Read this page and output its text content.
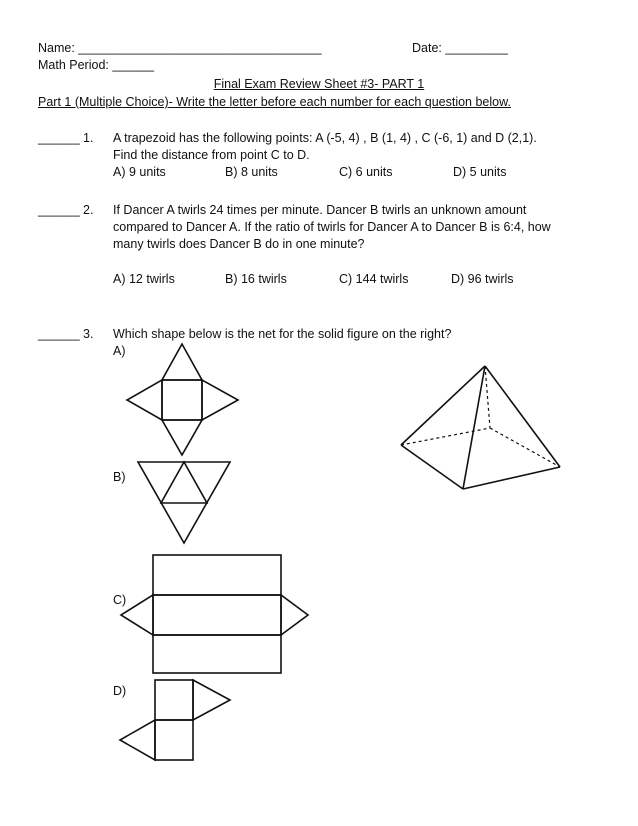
Name: ___________________________________	Date: _________
Math Period: ______
Final Exam Review Sheet #3- PART 1
Part 1 (Multiple Choice)- Write the letter before each number for each question below.
______ 1. A trapezoid has the following points: A (-5, 4) , B (1, 4) , C (-6, 1) and D (2,1).
Find the distance from point C to D.
A) 9 units	B) 8 units	C) 6 units	D) 5 units
______ 2. If Dancer A twirls 24 times per minute. Dancer B twirls an unknown amount
compared to Dancer A. If the ratio of twirls for Dancer A to Dancer B is 6:4, how
many twirls does Dancer B do in one minute?
A) 12 twirls	B) 16 twirls	C) 144 twirls	D) 96 twirls
______ 3. Which shape below is the net for the solid figure on the right?
A)
B)
C)
D)
